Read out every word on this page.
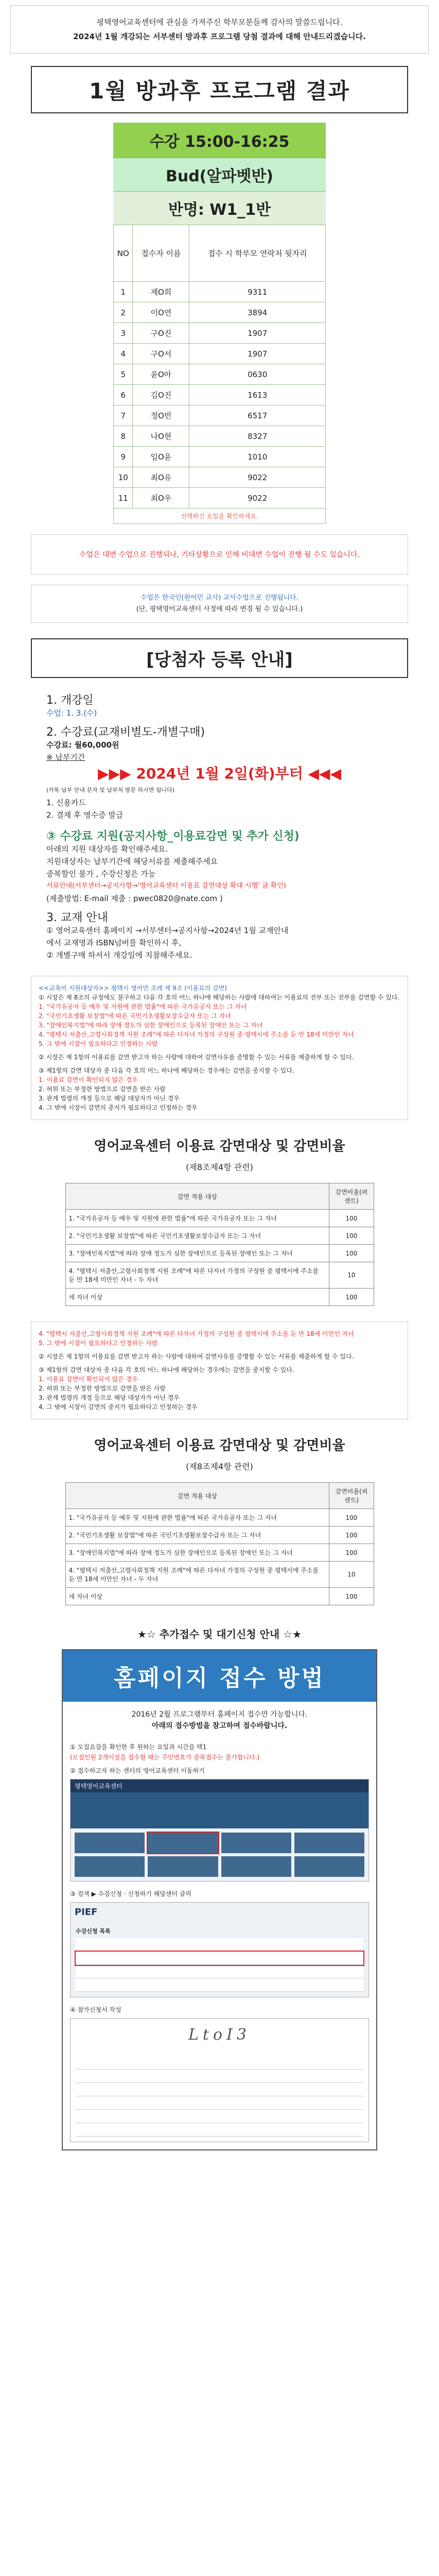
평택영어교육센터에 관심을 가져주신 학부모분들께 감사의 말씀드립니다.
2024년 1월 개강되는 서부센터 방과후 프로그램 당첨 결과에 대해 안내드리겠습니다.
1월 방과후 프로그램 결과
수강 15:00-16:25
Bud(알파벳반)
반명: W1_1반
NO	접수자 이름	접수 시 학부모 연락처 뒷자리
1	제O희	9311
2	이O연	3894
3	구O진	1907
4	구O서	1907
5	윤O아	0630
6	김O진	1613
7	정O빈	6517
8	나O현	8327
9	임O윤	1010
10	최O유	9022
11	최O우	9022
선택하신 요일을 확인하세요.
수업은 대면 수업으로 진행되나, 기타상황으로 인해 비대면 수업이 진행 될 수도 있습니다.
수업은 한국인(원어민 교사) 교사수업으로 진행됩니다.
(단, 평택영어교육센터 사정에 따라 변경 될 수 있습니다.)
[당첨자 등록 안내]
1. 개강일
수업: 1. 3.(수)
2. 수강료(교재비별도-개별구매)
수강료: 월60,000원
※ 납부기간
▶▶▶ 2024년 1월 2일(화)부터 ◀◀◀
(카톡 납부 안내 문자 및 납부처 방문 하시면 됩니다)
1. 신용카드
2. 결제 후 영수증 발급
③ 수강료 지원(공지사항_이용료감면 및 추가 신청)
아래의 지원 대상자를 확인해주세요.
지원대상자는 납부기간에 해당서류를 제출해주세요
중복할인 불가 , 수강신청은 가능
서류안내(서부센터→공지사항→'영어교육센터 이용료 감면대상 확대 시행' 글 확인)
(제출방법: E-mail 제출 : pwec0820@nate.com )
3. 교재 안내
① 영어교육센터 홈페이지 →서부센터→공지사항→2024년 1월 교재안내
에서 교재명과 ISBN넘버를 확인하시 후,
② 개별구매 하셔서 개강일에 지참해주세요.
<<교육비 지원대상자>> 평택시 영어만 조례 제 9조 (이용료의 감면)
① 시장은 제 8조의 규정에도 불구하고 다음 각 호의 어느 하나에 해당하는 사람에 대하여는 이용료의 전부 또는 전부를 감면할 수 있다.
1. "국가유공자 등 예우 및 지원에 관한 법률"에 따른 국가유공자 또는 그 자녀
2. "국민기초생활 보장법"에 따른 국민기초생활보장수급자 또는 그 자녀
3. "장애인복지법"에 따라 장애 정도가 심한 장애인으로 등록된 장애인 또는 그 자녀
4. "평택시 저출산,고령사회정책 지원 조례"에 따른 다자녀 가정의 구성원 중 평택시에 주소를 둔 만 18세 미만인 자녀
5. 그 밖에 시장이 필요하다고 인정하는 사람
② 시장은 제 1항의 이용료를 감면 받고자 하는 사람에 대하여 감면사유를 증명할 수 있는 서류를 제출하게 할 수 있다.
③ 제1항의 감면 대상자 중 다음 각 호의 어느 하나에 해당하는 경우에는 감면을 중지할 수 있다.
1. 이용료 감면이 확인되지 않은 경우
2. 허위 또는 부정한 방법으로 감면을 받은 사람
3. 관계 법령의 개정 등으로 해당 대상자가 아닌 경우
4. 그 밖에 시장이 감면의 중지가 필요하다고 인정하는 경우
영어교육센터 이용료 감면대상 및 감면비율
(제8조제4항 관련)
감면 적용 대상	감면비율(퍼센트)
1. "국가유공자 등 예우 및 지원에 관한 법률"에 따른 국가유공자 또는 그 자녀	100
2. "국민기초생활 보장법"에 따른 국민기초생활보장수급자 또는 그 자녀	100
3. "장애인복지법"에 따라 장애 정도가 심한 장애인으로 등록된 장애인 또는 그 자녀	100
4. "평택시 저출산,고령사회정책 지원 조례"에 따른 다자녀 가정의 구성원 중 평택시에 주소를 둔 만 18세 미만인 자녀 - 두 자녀	10
세 자녀 이상	100
4. "평택시 저출산,고령사회정책 지원 조례"에 따른 다자녀 가정의 구성원 중 평택시에 주소를 둔 만 18세 미만인 자녀
5. 그 밖에 시장이 필요하다고 인정하는 사람
② 시장은 제 1항의 이용료를 감면 받고자 하는 사람에 대하여 감면사유를 증명할 수 있는 서류를 제출하게 할 수 있다.
③ 제1항의 감면 대상자 중 다음 각 호의 어느 하나에 해당하는 경우에는 감면을 중지할 수 있다.
1. 이용료 감면이 확인되지 않은 경우
2. 허위 또는 부정한 방법으로 감면을 받은 사람
3. 관계 법령의 개정 등으로 해당 대상자가 아닌 경우
4. 그 밖에 시장이 감면의 중지가 필요하다고 인정하는 경우
영어교육센터 이용료 감면대상 및 감면비율
(제8조제4항 관련)
감면 적용 대상	감면비율(퍼센트)
1. "국가유공자 등 예우 및 지원에 관한 법률"에 따른 국가유공자 또는 그 자녀	100
2. "국민기초생활 보장법"에 따른 국민기초생활보장수급자 또는 그 자녀	100
3. "장애인복지법"에 따라 장애 정도가 심한 장애인으로 등록된 장애인 또는 그 자녀	100
4. "평택시 저출산,고령사회정책 지원 조례"에 따른 다자녀 가정의 구성원 중 평택시에 주소를 둔 만 18세 미만인 자녀 - 두 자녀	10
세 자녀 이상	100
★☆ 추가접수 및 대기신청 안내 ☆★
홈페이지 접수 방법
2016년 2월 프로그램부터 홈페이지 접수만 가능합니다.
아래의 접수방법을 참고하여 접수바랍니다.
① 모집요강을 확인한 후 원하는 요일과 시간을 택1
(모집인원 2개이상을 접수할 때는 주민번호가 중복접수는 불가합니다.)
② 접수하고자 하는 센터의 영어교육센터 이동하기
평택영어교육센터
③ 검색 ▶ 수강신청 · 신청하기 해당센터 클릭
PIEF
수강신청 목록

④ 참가신청서 작성
LtoI3
